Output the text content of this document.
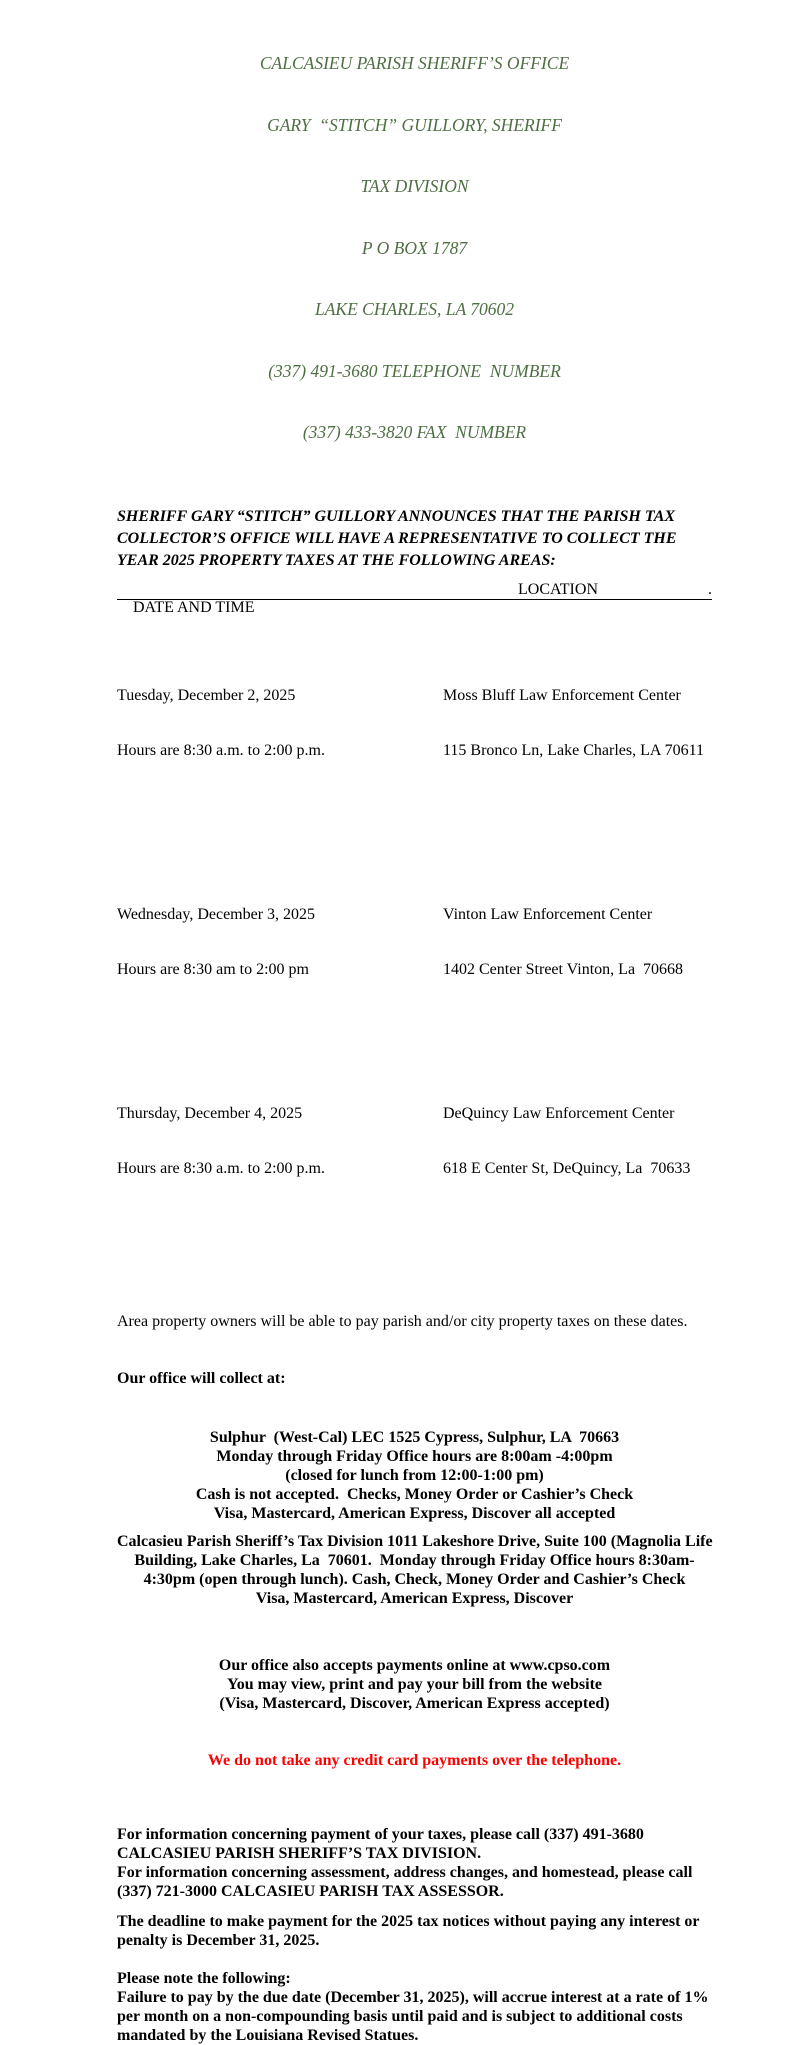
CALCASIEU PARISH SHERIFF’S OFFICE

GARY  “STITCH” GUILLORY, SHERIFF

TAX DIVISION

P O BOX 1787

LAKE CHARLES, LA 70602

(337) 491-3680 TELEPHONE  NUMBER

(337) 433-3820 FAX  NUMBER

SHERIFF GARY “STITCH” GUILLORY ANNOUNCES THAT THE PARISH TAX
COLLECTOR’S OFFICE WILL HAVE A REPRESENTATIVE TO COLLECT THE
YEAR 2025 PROPERTY TAXES AT THE FOLLOWING AREAS:

DATE AND TIME

LOCATION

	.

Tuesday, December 2, 2025

Hours are 8:30 a.m. to 2:00 p.m.

Moss Bluff Law Enforcement Center

115 Bronco Ln, Lake Charles, LA 70611

Wednesday, December 3, 2025

Hours are 8:30 am to 2:00 pm

Vinton Law Enforcement Center

1402 Center Street Vinton, La  70668

Thursday, December 4, 2025

Hours are 8:30 a.m. to 2:00 p.m.

DeQuincy Law Enforcement Center

618 E Center St, DeQuincy, La  70633

Area property owners will be able to pay parish and/or city property taxes on these dates.

Our office will collect at:

Sulphur  (West-Cal) LEC 1525 Cypress, Sulphur, LA  70663
Monday through Friday Office hours are 8:00am -4:00pm
(closed for lunch from 12:00-1:00 pm)
Cash is not accepted.  Checks, Money Order or Cashier’s Check
Visa, Mastercard, American Express, Discover all accepted
Calcasieu Parish Sheriff’s Tax Division 1011 Lakeshore Drive, Suite 100 (Magnolia Life
Building, Lake Charles, La  70601.  Monday through Friday Office hours 8:30am-
4:30pm (open through lunch). Cash, Check, Money Order and Cashier’s Check
Visa, Mastercard, American Express, Discover

Our office also accepts payments online at www.cpso.com
You may view, print and pay your bill from the website
(Visa, Mastercard, Discover, American Express accepted)

We do not take any credit card payments over the telephone.

For information concerning payment of your taxes, please call (337) 491-3680
CALCASIEU PARISH SHERIFF’S TAX DIVISION.
For information concerning assessment, address changes, and homestead, please call
(337) 721-3000 CALCASIEU PARISH TAX ASSESSOR.
The deadline to make payment for the 2025 tax notices without paying any interest or
penalty is December 31, 2025.
Please note the following:
Failure to pay by the due date (December 31, 2025), will accrue interest at a rate of 1%
per month on a non-compounding basis until paid and is subject to additional costs
mandated by the Louisiana Revised Statues.
